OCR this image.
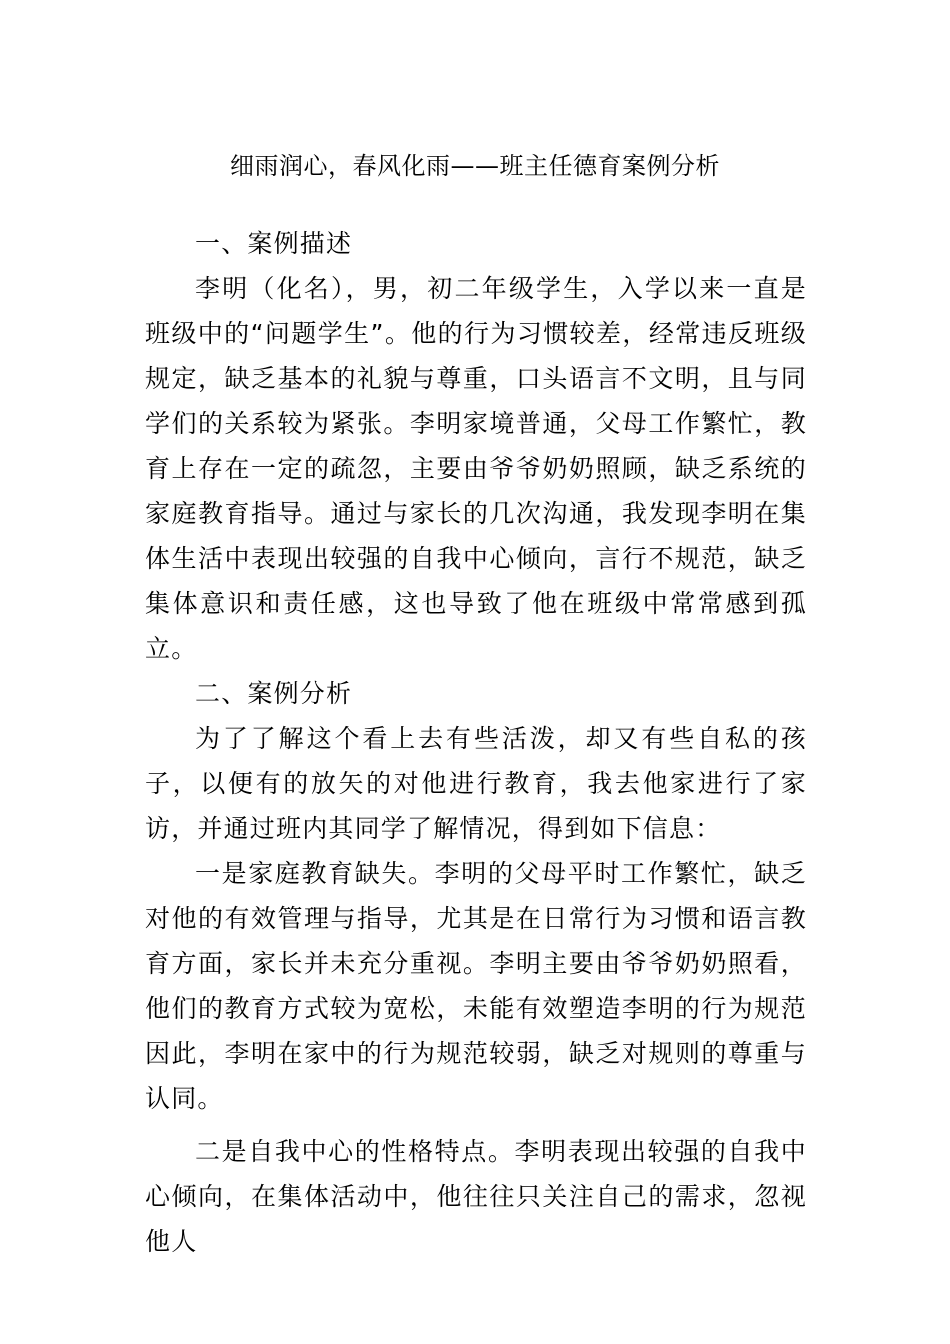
细雨润心，春风化雨——班主任德育案例分析
一、案例描述

李明（化名），男，初二年级学生，入学以来一直是班级中的“问题学生”。他的行为习惯较差，经常违反班级规定，缺乏基本的礼貌与尊重，口头语言不文明，且与同学们的关系较为紧张。李明家境普通，父母工作繁忙，教育上存在一定的疏忽，主要由爷爷奶奶照顾，缺乏系统的家庭教育指导。通过与家长的几次沟通，我发现李明在集体生活中表现出较强的自我中心倾向，言行不规范，缺乏集体意识和责任感，这也导致了他在班级中常常感到孤立。

二、案例分析

为了了解这个看上去有些活泼，却又有些自私的孩子，以便有的放矢的对他进行教育，我去他家进行了家访，并通过班内其同学了解情况，得到如下信息：

一是家庭教育缺失。李明的父母平时工作繁忙，缺乏对他的有效管理与指导，尤其是在日常行为习惯和语言教育方面，家长并未充分重视。李明主要由爷爷奶奶照看，他们的教育方式较为宽松，未能有效塑造李明的行为规范因此，李明在家中的行为规范较弱，缺乏对规则的尊重与认同。

二是自我中心的性格特点。李明表现出较强的自我中心倾向，在集体活动中，他往往只关注自己的需求，忽视他人
